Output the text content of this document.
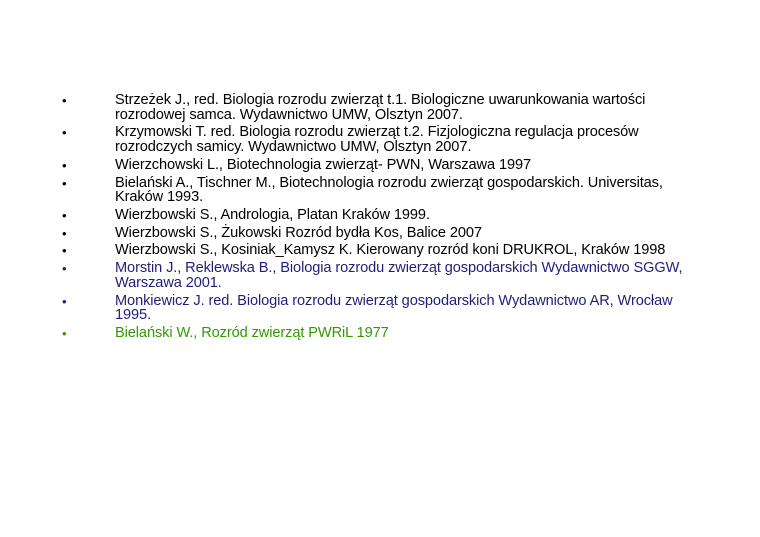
•	Strzeżek J., red. Biologia rozrodu zwierząt t.1. Biologiczne uwarunkowania wartości rozrodowej samca. Wydawnictwo UMW, Olsztyn 2007.
•	Krzymowski T. red. Biologia rozrodu zwierząt t.2. Fizjologiczna regulacja procesów rozrodczych samicy. Wydawnictwo UMW, Olsztyn 2007.
•	Wierzchowski L., Biotechnologia zwierząt- PWN, Warszawa 1997
•	Bielański A., Tischner M., Biotechnologia rozrodu zwierząt gospodarskich. Universitas, Kraków 1993.
•	Wierzbowski S., Andrologia, Platan Kraków 1999.
•	Wierzbowski S., Żukowski Rozród bydła Kos, Balice 2007
•	Wierzbowski S., Kosiniak_Kamysz K. Kierowany rozród koni DRUKROL, Kraków 1998
•	Morstin J., Reklewska B., Biologia rozrodu zwierząt gospodarskich Wydawnictwo SGGW, Warszawa 2001.
•	Monkiewicz J. red. Biologia rozrodu zwierząt gospodarskich Wydawnictwo AR, Wrocław 1995.
•	Bielański W., Rozród zwierząt PWRiL 1977
